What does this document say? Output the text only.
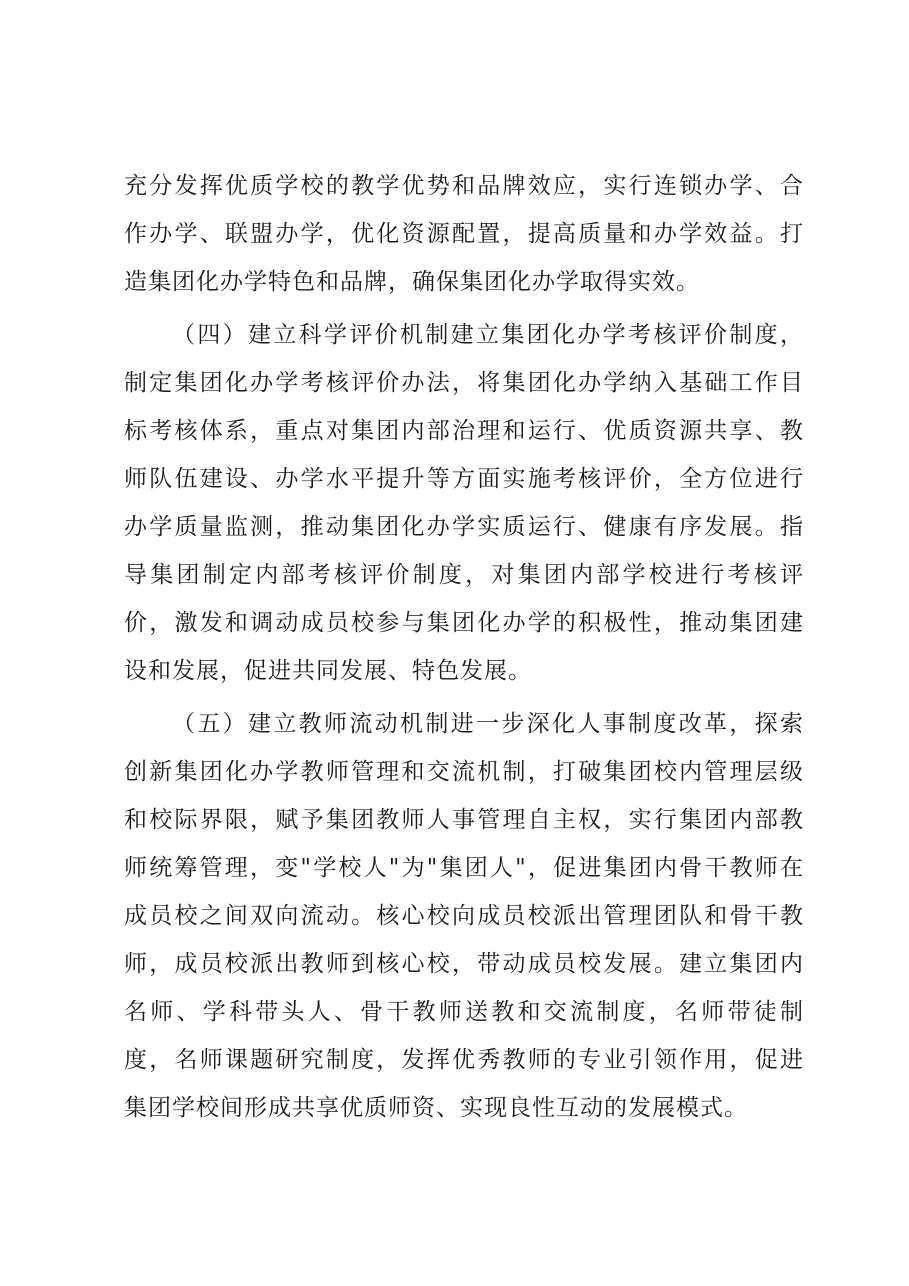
充分发挥优质学校的教学优势和品牌效应，实行连锁办学、合
作办学、联盟办学，优化资源配置，提高质量和办学效益。打
造集团化办学特色和品牌，确保集团化办学取得实效。
（四）建立科学评价机制建立集团化办学考核评价制度，
制定集团化办学考核评价办法，将集团化办学纳入基础工作目
标考核体系，重点对集团内部治理和运行、优质资源共享、教
师队伍建设、办学水平提升等方面实施考核评价，全方位进行
办学质量监测，推动集团化办学实质运行、健康有序发展。指
导集团制定内部考核评价制度，对集团内部学校进行考核评
价，激发和调动成员校参与集团化办学的积极性，推动集团建
设和发展，促进共同发展、特色发展。
（五）建立教师流动机制进一步深化人事制度改革，探索
创新集团化办学教师管理和交流机制，打破集团校内管理层级
和校际界限，赋予集团教师人事管理自主权，实行集团内部教
师统筹管理，变"学校人"为"集团人"，促进集团内骨干教师在
成员校之间双向流动。核心校向成员校派出管理团队和骨干教
师，成员校派出教师到核心校，带动成员校发展。建立集团内
名师、学科带头人、骨干教师送教和交流制度，名师带徒制
度，名师课题研究制度，发挥优秀教师的专业引领作用，促进
集团学校间形成共享优质师资、实现良性互动的发展模式。
